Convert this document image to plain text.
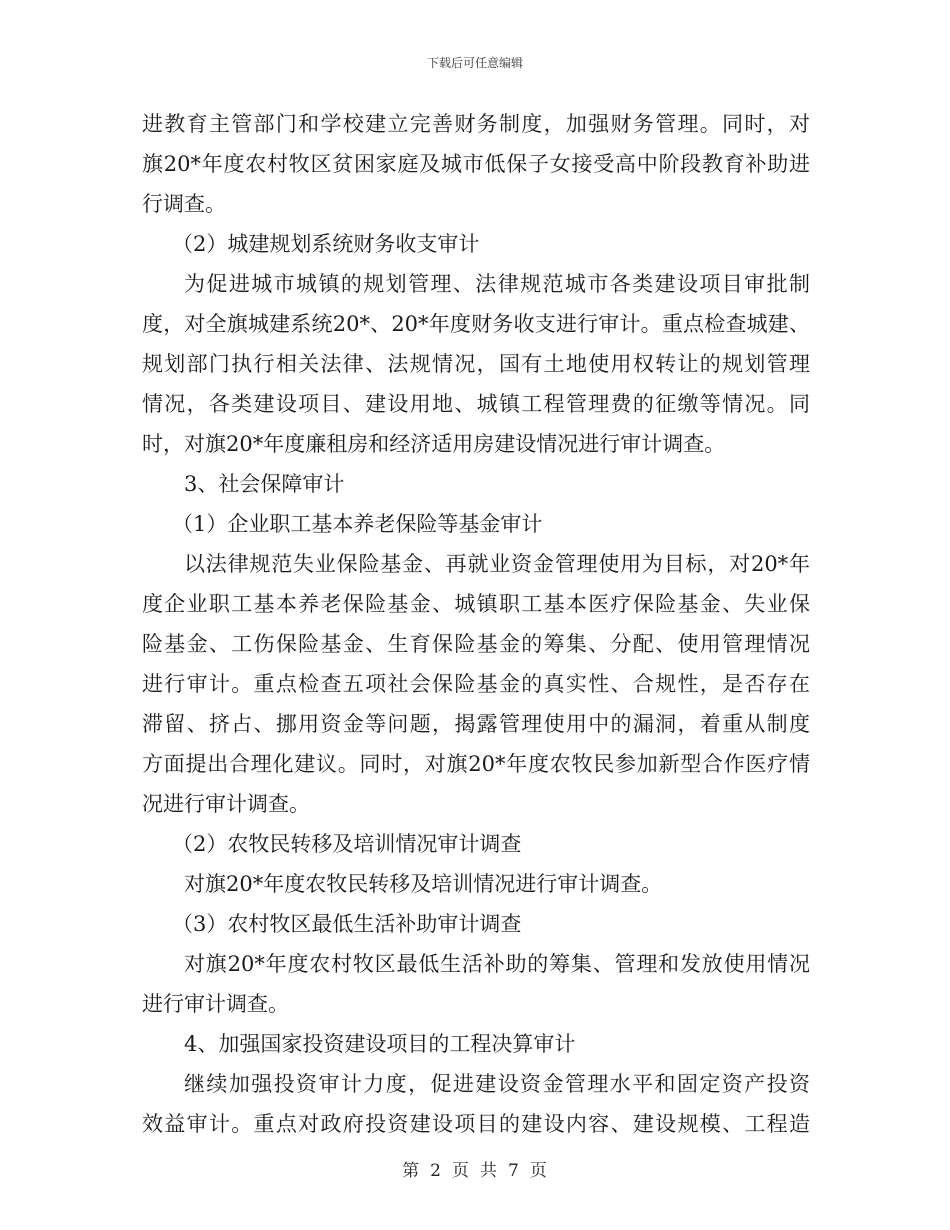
下载后可任意编辑
进教育主管部门和学校建立完善财务制度，加强财务管理。同时，对
旗20*年度农村牧区贫困家庭及城市低保子女接受高中阶段教育补助进
行调查。
（2）城建规划系统财务收支审计
为促进城市城镇的规划管理、法律规范城市各类建设项目审批制
度，对全旗城建系统20*、20*年度财务收支进行审计。重点检查城建、
规划部门执行相关法律、法规情况，国有土地使用权转让的规划管理
情况，各类建设项目、建设用地、城镇工程管理费的征缴等情况。同
时，对旗20*年度廉租房和经济适用房建设情况进行审计调查。
3、社会保障审计
（1）企业职工基本养老保险等基金审计
以法律规范失业保险基金、再就业资金管理使用为目标，对20*年
度企业职工基本养老保险基金、城镇职工基本医疗保险基金、失业保
险基金、工伤保险基金、生育保险基金的筹集、分配、使用管理情况
进行审计。重点检查五项社会保险基金的真实性、合规性，是否存在
滞留、挤占、挪用资金等问题，揭露管理使用中的漏洞，着重从制度
方面提出合理化建议。同时，对旗20*年度农牧民参加新型合作医疗情
况进行审计调查。
（2）农牧民转移及培训情况审计调查
对旗20*年度农牧民转移及培训情况进行审计调查。
（3）农村牧区最低生活补助审计调查
对旗20*年度农村牧区最低生活补助的筹集、管理和发放使用情况
进行审计调查。
4、加强国家投资建设项目的工程决算审计
继续加强投资审计力度，促进建设资金管理水平和固定资产投资
效益审计。重点对政府投资建设项目的建设内容、建设规模、工程造
第 2 页 共 7 页
